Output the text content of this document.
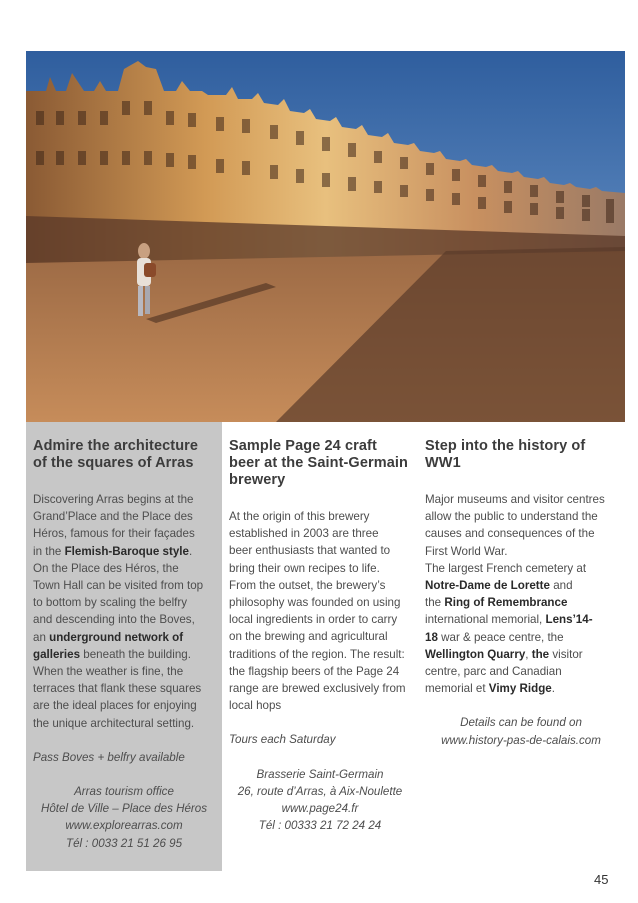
Admire the architecture
of the squares of Arras

Discovering Arras begins at the
Grand’Place and the Place des
Héros, famous for their façades
in the Flemish-Baroque style.
On the Place des Héros, the
Town Hall can be visited from top
to bottom by scaling the belfry
and descending into the Boves,
an underground network of
galleries beneath the building.
When the weather is fine, the
terraces that flank these squares
are the ideal places for enjoying
the unique architectural setting.

Pass Boves + belfry available

Arras tourism office
Hôtel de Ville – Place des Héros
www.explorearras.com
Tél : 0033 21 51 26 95

Sample Page 24 craft
beer at the Saint-Germain
brewery

At the origin of this brewery
established in 2003 are three
beer enthusiasts that wanted to
bring their own recipes to life.
From the outset, the brewery’s
philosophy was founded on using
local ingredients in order to carry
on the brewing and agricultural
traditions of the region. The result:
the flagship beers of the Page 24
range are brewed exclusively from
local hops

Tours each Saturday

Brasserie Saint-Germain
26, route d’Arras, à Aix-Noulette
www.page24.fr
Tél : 00333 21 72 24 24

Step into the history of
WW1

Major museums and visitor centres
allow the public to understand the
causes and consequences of the
First World War.
The largest French cemetery at
Notre-Dame de Lorette and
the Ring of Remembrance
international memorial, Lens’14-
18 war & peace centre, the
Wellington Quarry, the visitor
centre, parc and Canadian
memorial et Vimy Ridge.

Details can be found on
www.history-pas-de-calais.com

45
